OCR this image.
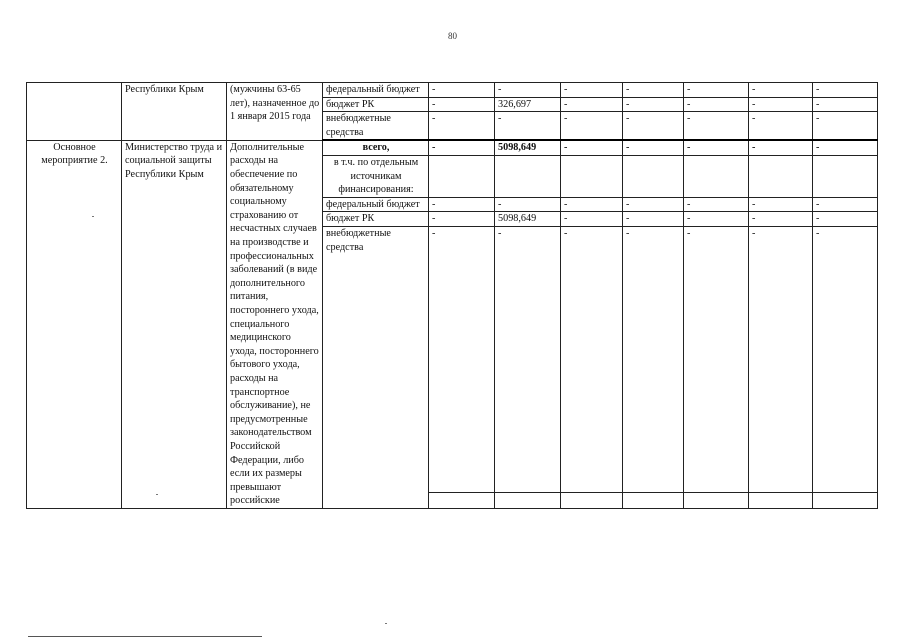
80
	Республики Крым	(мужчины 63-65 лет), назначенное до 1 января 2015 года	федеральный бюджет	-	-	-	-	-	-	-
			бюджет РК	-	326,697	-	-	-	-	-
			внебюджетные средства	-	-	-	-	-	-	-
Основное мероприятие 2.	Министерство труда и социальной защиты Республики Крым	Дополнительные расходы на обеспечение по обязательному социальному страхованию от несчастных случаев на производстве и профессиональных заболеваний (в виде дополнительного питания, постороннего ухода, специального медицинского ухода, постороннего бытового ухода, расходы на транспортное обслуживание), не предусмотренные законодательством Российской Федерации, либо если их размеры превышают российские	всего,	-	5098,649	-	-	-	-	-
			в т.ч. по отдельным источникам финансирования:							
			федеральный бюджет	-	-	-	-	-	-	-
			бюджет РК	-	5098,649	-	-	-	-	-
			внебюджетные средства	-	-	-	-	-	-	-
